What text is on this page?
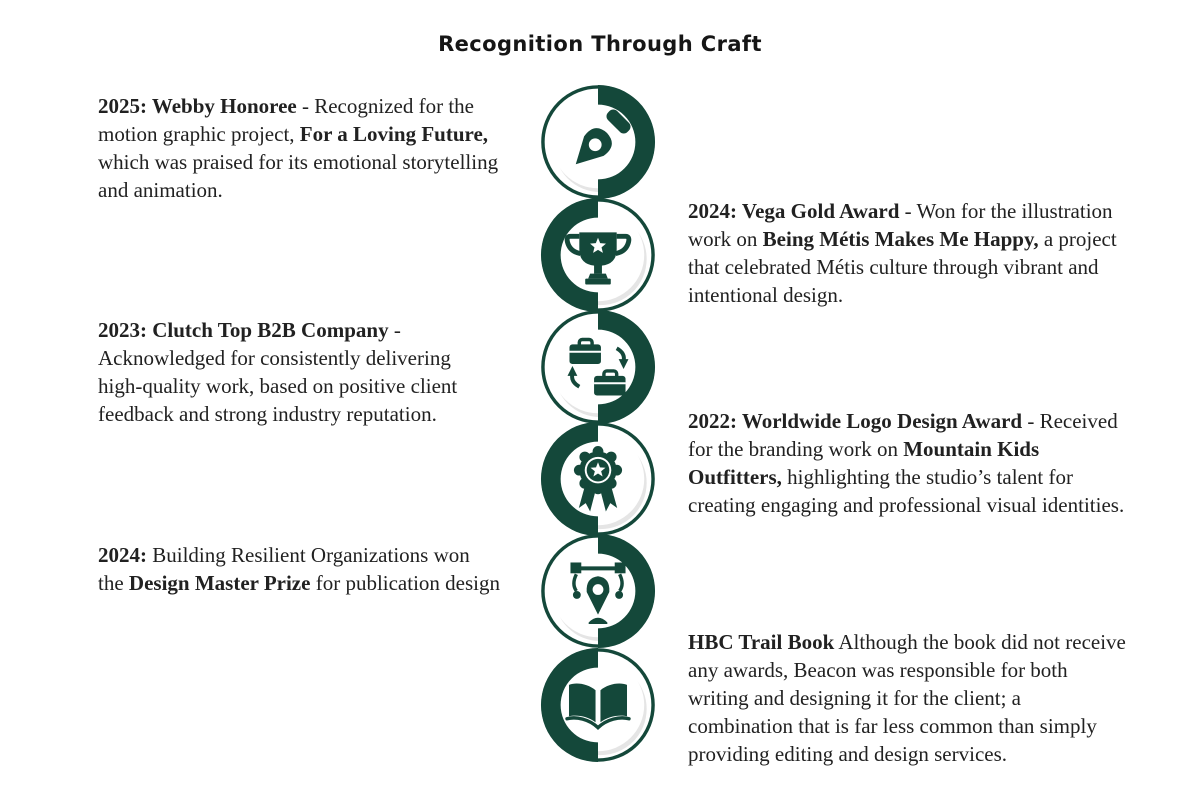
Recognition Through Craft
2025: Webby Honoree - Recognized for the motion graphic project, For a Loving Future, which was praised for its emotional storytelling and animation.
2024: Vega Gold Award - Won for the illustration work on Being Métis Makes Me Happy, a project that celebrated Métis culture through vibrant and intentional design.
2023: Clutch Top B2B Company - Acknowledged for consistently delivering high-quality work, based on positive client feedback and strong industry reputation.	2022: Worldwide Logo Design Award - Received for the branding work on Mountain Kids Outfitters, highlighting the studio’s talent for creating engaging and professional visual identities.
2024: Building Resilient Organizations won the Design Master Prize for publication design
HBC Trail Book Although the book did not receive any awards, Beacon was responsible for both writing and designing it for the client; a combination that is far less common than simply providing editing and design services.
